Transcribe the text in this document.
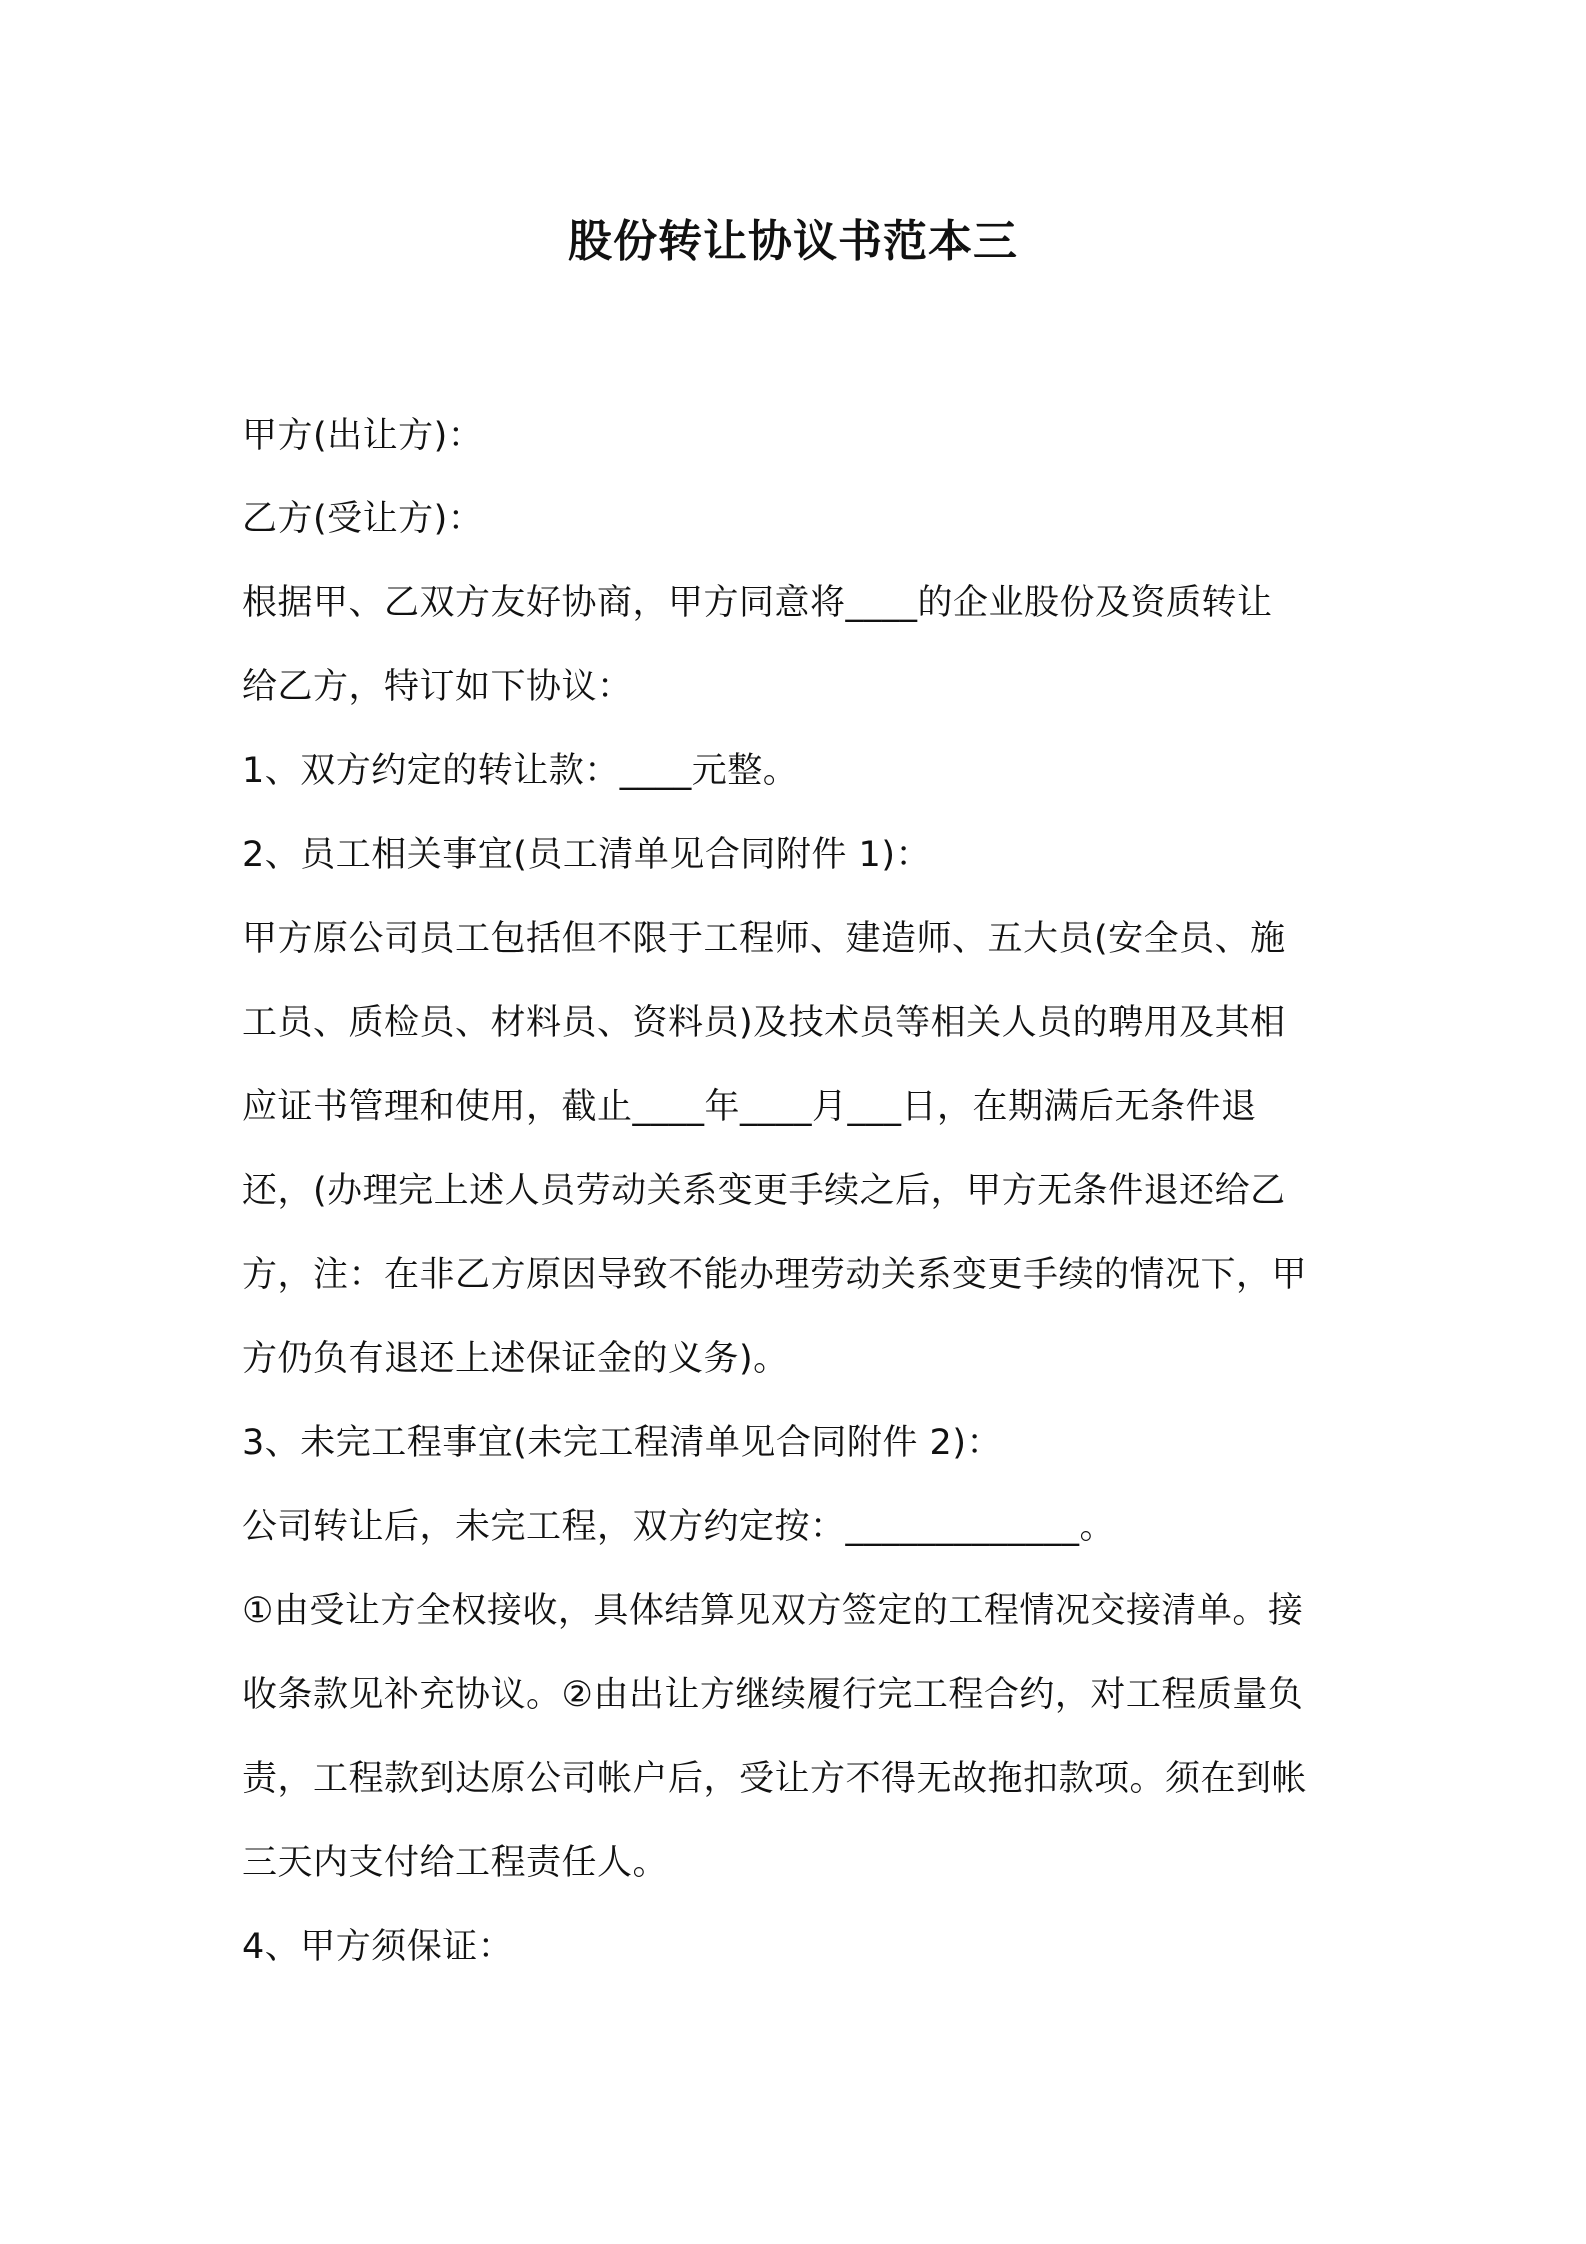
股份转让协议书范本三
甲方(出让方)：
乙方(受让方)：
根据甲、乙双方友好协商，甲方同意将____的企业股份及资质转让
给乙方，特订如下协议：
1、双方约定的转让款：____元整。
2、员工相关事宜(员工清单见合同附件 1)：
甲方原公司员工包括但不限于工程师、建造师、五大员(安全员、施
工员、质检员、材料员、资料员)及技术员等相关人员的聘用及其相
应证书管理和使用，截止____年____月___日，在期满后无条件退
还，(办理完上述人员劳动关系变更手续之后，甲方无条件退还给乙
方，注：在非乙方原因导致不能办理劳动关系变更手续的情况下，甲
方仍负有退还上述保证金的义务)。
3、未完工程事宜(未完工程清单见合同附件 2)：
公司转让后，未完工程，双方约定按：_____________。
①由受让方全权接收，具体结算见双方签定的工程情况交接清单。接
收条款见补充协议。②由出让方继续履行完工程合约，对工程质量负
责，工程款到达原公司帐户后，受让方不得无故拖扣款项。须在到帐
三天内支付给工程责任人。
4、甲方须保证：
